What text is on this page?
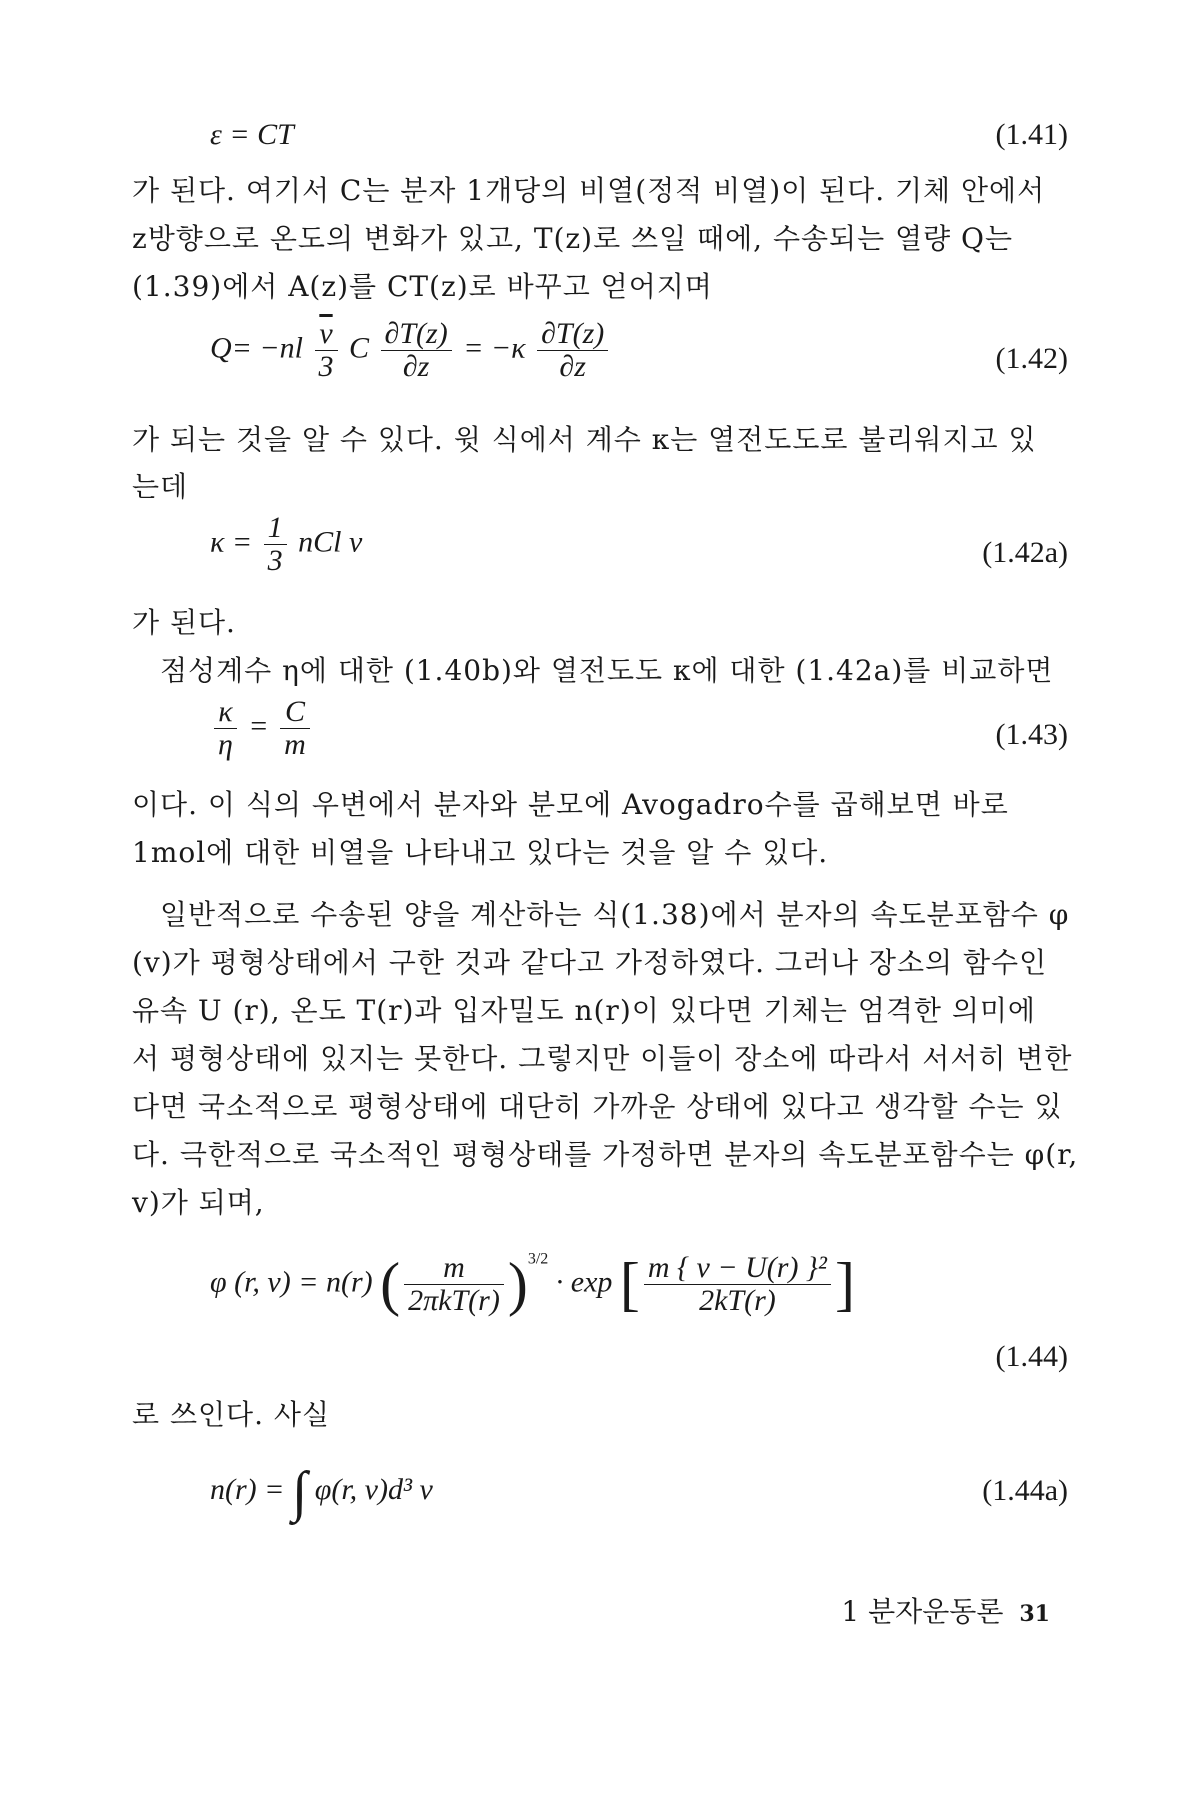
ε = CT	(1.41)
가 된다. 여기서 C는 분자 1개당의 비열(정적 비열)이 된다. 기체 안에서
z방향으로 온도의 변화가 있고, T(z)로 쓰일 때에, 수송되는 열량 Q는
(1.39)에서 A(z)를 CT(z)로 바꾸고 얻어지며
$Q= -nl \frac{\overline{v}}{3}$ C $\frac{\partial T(z)}{\partial z} = -\kappa \frac{\partial T(z)}{\partial z}$	(1.42)
가 되는 것을 알 수 있다. 윗 식에서 계수 κ는 열전도도로 불리워지고 있
는데
$\kappa = \frac{1}{3}$ nCl v	(1.42a)
가 된다.
점성계수 η에 대한 (1.40b)와 열전도도 κ에 대한 (1.42a)를 비교하면
$\frac{\kappa}{\eta} = \frac{C}{m}$	(1.43)
이다. 이 식의 우변에서 분자와 분모에 Avogadro수를 곱해보면 바로
1mol에 대한 비열을 나타내고 있다는 것을 알 수 있다.
일반적으로 수송된 양을 계산하는 식(1.38)에서 분자의 속도분포함수 φ
(v)가 평형상태에서 구한 것과 같다고 가정하였다. 그러나 장소의 함수인
유속 U (r), 온도 T(r)과 입자밀도 n(r)이 있다면 기체는 엄격한 의미에
서 평형상태에 있지는 못한다. 그렇지만 이들이 장소에 따라서 서서히 변한
다면 국소적으로 평형상태에 대단히 가까운 상태에 있다고 생각할 수는 있
다. 극한적으로 국소적인 평형상태를 가정하면 분자의 속도분포함수는 φ(r,
v)가 되며,
φ (r, v) = n(r) ( $\frac{m}{\text{2πkT(r)}} )^{3/2} \cdot \exp$ [ $\frac{\text{m \{ v − U(r) \}²}}{2kT(r)}$ ]
(1.44)
로 쓰인다. 사실
n(r) = ∫ φ(r, v)d³ v	(1.44a)
1 분자운동론 31
